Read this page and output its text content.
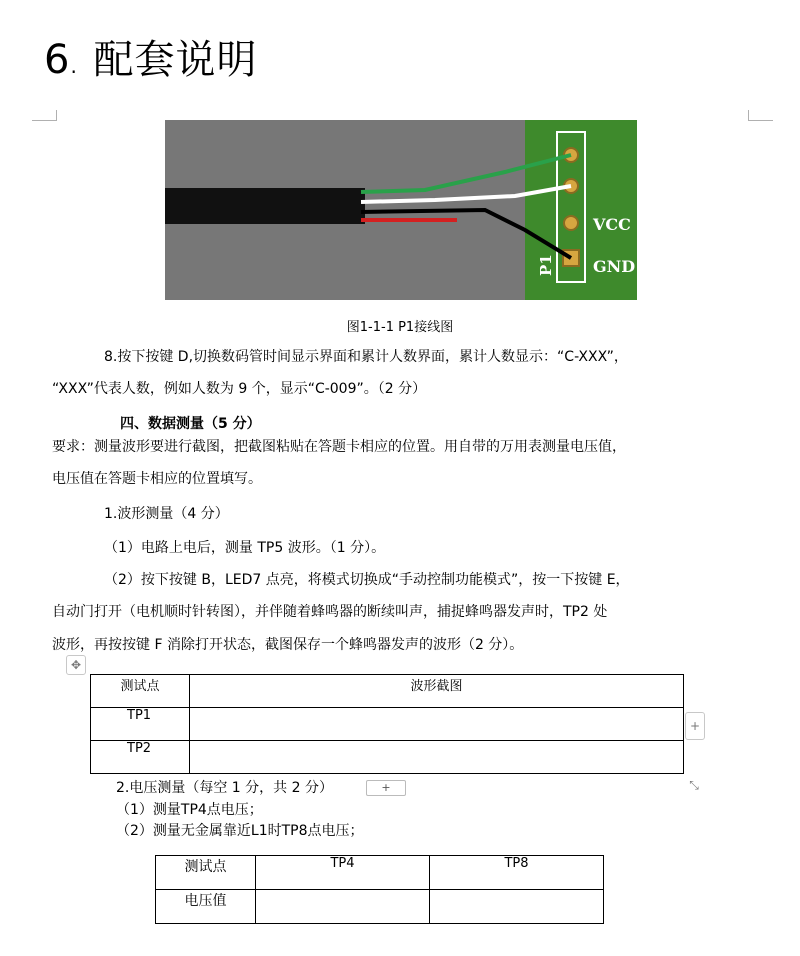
6. 配套说明
VCC
GND
P1
图1-1-1 P1接线图
8.按下按键 D,切换数码管时间显示界面和累计人数界面，累计人数显示：“C-XXX”，
“XXX”代表人数，例如人数为 9 个，显示“C-009”。（2 分）
四、数据测量（5 分）
要求：测量波形要进行截图，把截图粘贴在答题卡相应的位置。用自带的万用表测量电压值，
电压值在答题卡相应的位置填写。
1.波形测量（4 分）
（1）电路上电后，测量 TP5 波形。（1 分）。
（2）按下按键 B，LED7 点亮，将模式切换成“手动控制功能模式”，按一下按键 E，
自动门打开（电机顺时针转图），并伴随着蜂鸣器的断续叫声，捕捉蜂鸣器发声时，TP2 处
波形，再按按键 F 消除打开状态，截图保存一个蜂鸣器发声的波形（2 分）。
✥
测试点	波形截图
TP1	
TP2	
+
⤡
2.电压测量（每空 1 分，共 2 分）	+
（1）测量TP4点电压；
（2）测量无金属靠近L1时TP8点电压；
测试点	TP4	TP8
电压值		
